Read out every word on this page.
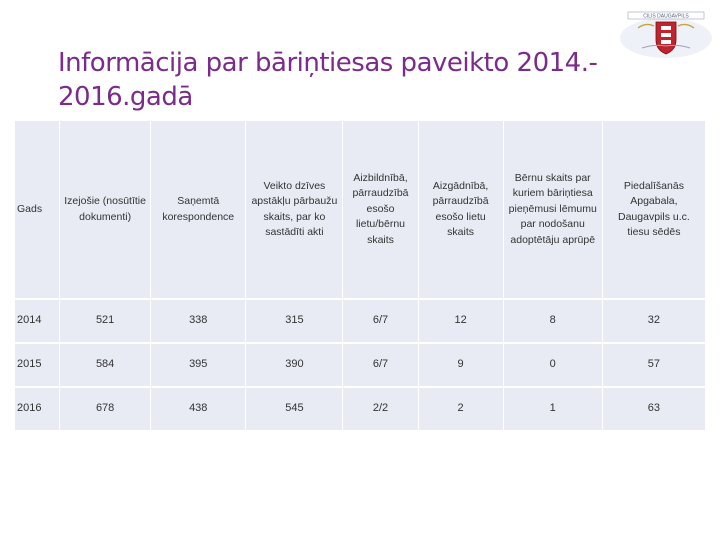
CILIS DAUGAVPILS
Informācija par bāriņtiesas paveikto 2014.-
2016.gadā
Gads	Izejošie (nosūtītie dokumenti)	Saņemtā korespondence	Veikto dzīves apstākļu pārbaužu skaits, par ko sastādīti akti	Aizbildnībā, pārraudzībā esošo lietu/bērnu skaits	Aizgādnībā, pārraudzībā esošo lietu skaits	Bērnu skaits par kuriem bāriņtiesa pieņēmusi lēmumu par nodošanu adoptētāju aprūpē	Piedalīšanās Apgabala, Daugavpils u.c. tiesu sēdēs
2014	521	338	315	6/7	12	8	32
2015	584	395	390	6/7	9	0	57
2016	678	438	545	2/2	2	1	63
